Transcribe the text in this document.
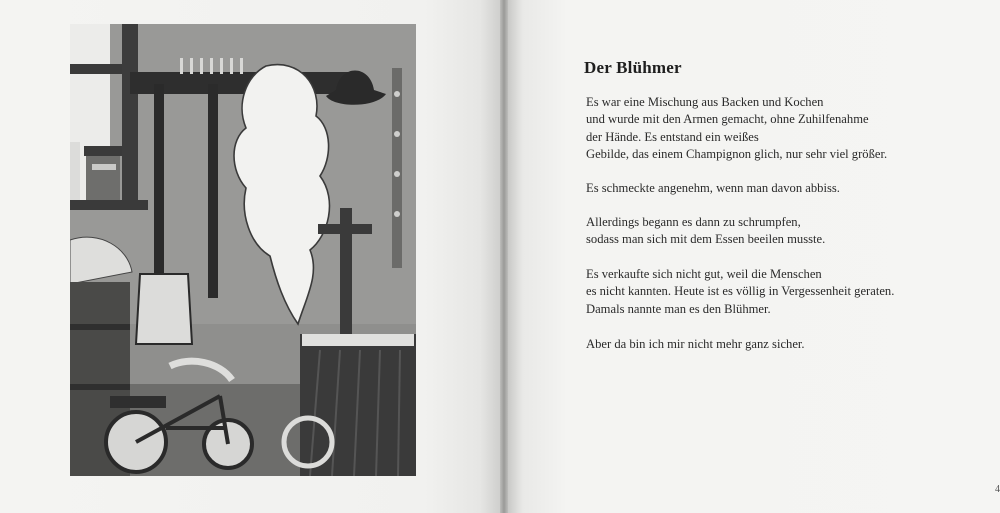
Der Blühmer

Es war eine Mischung aus Backen und Kochen
und wurde mit den Armen gemacht, ohne Zuhilfenahme
der Hände. Es entstand ein weißes
Gebilde, das einem Champignon glich, nur sehr viel größer.

Es schmeckte angenehm, wenn man davon abbiss.

Allerdings begann es dann zu schrumpfen,
sodass man sich mit dem Essen beeilen musste.

Es verkaufte sich nicht gut, weil die Menschen
es nicht kannten. Heute ist es völlig in Vergessenheit geraten.
Damals nannte man es den Blühmer.

Aber da bin ich mir nicht mehr ganz sicher.

4
